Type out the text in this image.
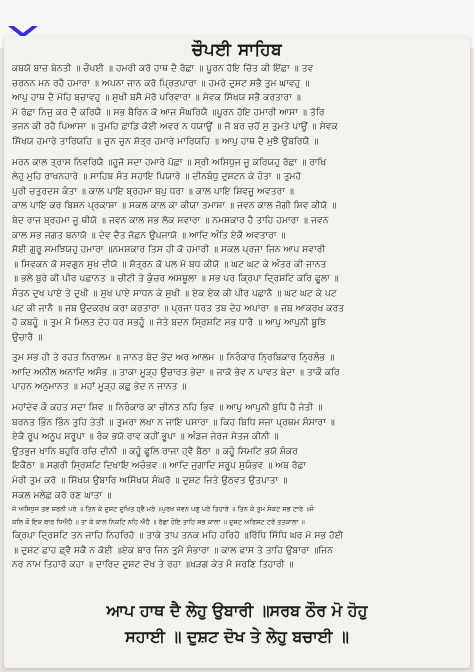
ਚੌਪਈ ਸਾਹਿਬ
ਕਬਯੋ ਬਾਚ ਬੇਨਤੀ ॥ ਚੌਪਈ ॥ ਹਮਰੀ ਕਰੋ ਹਾਥ ਦੈ ਰੱਛਾ ॥ ਪੂਰਨ ਹੋਇ ਚਿੱਤ ਕੀ ਇੱਛਾ ॥ ਤਵ
ਚਰਨਨ ਮਨ ਰਹੈ ਹਮਾਰਾ ॥ ਅਪਨਾ ਜਾਨ ਕਰੋ ਪ੍ਰਿਤਪਾਰਾ ॥ ਹਮਰੇ ਦੁਸਟ ਸਭੈ ਤੁਮ ਘਾਵਹੁ ॥
ਆਪੁ ਹਾਥ ਦੈ ਮੋਹਿ ਬਚਾਵਹੁ ॥ ਸੁਖੀ ਬਸੈ ਮੋਰੋ ਪਰਿਵਾਰਾ ॥ ਸੇਵਕ ਸਿੱਖਯ ਸਭੈ ਕਰਤਾਰਾ ॥
ਮੋ ਰੱਛਾ ਨਿਜੁ ਕਰ ਦੈ ਕਰਿਯੈ ॥ ਸਭ ਬੈਰਿਨ ਕੋ ਆਜ ਸੰਘਰਿਯੈ ॥ਪੂਰਨ ਹੋਇ ਹਮਾਰੀ ਆਸਾ ॥ ਤੋਰਿ
ਭਜਨ ਕੀ ਰਹੈ ਪਿਆਸਾ ॥ ਤੁਮਹਿ ਛਾਡਿ ਕੋਈ ਅਵਰ ਨ ਧਯਾਊਂ ॥ ਜੋ ਬਰ ਚਹੋਂ ਸੁ ਤੁਮਤੇ ਪਾਊਂ ॥ ਸੇਵਕ
ਸਿੱਖਯ ਹਮਾਰੇ ਤਾਰਿਯਹਿ ॥ ਚੁਨ ਚੁਨ ਸ਼ੱਤ੍ਰ ਹਮਾਰੇ ਮਾਰਿਯਹਿ ॥ ਆਪੁ ਹਾਥ ਦੈ ਮੁਝੈ ਉਬਰਿਯੈ ॥
ਮਰਨ ਕਾਲ ਤ੍ਰਾਸ ਨਿਵਰਿਯੈ ॥ਹੂਜੋ ਸਦਾ ਹਮਾਰੇ ਪੱਛਾ ॥ ਸ੍ਰੀ ਅਸਿਧੁਜ ਜੂ ਕਰਿਯਹੁ ਰੱਛਾ ॥ ਰਾਖਿ
ਲੇਹੁ ਮੁਹਿ ਰਾਖਨਹਾਰੇ ॥ ਸਾਹਿਬ ਸੰਤ ਸਹਾਇ ਪਿਯਾਰੇ ॥ ਦੀਨਬੰਧੁ ਦੁਸ਼ਟਨ ਕੇ ਹੰਤਾ ॥ ਤੁਮਹੋ
ਪੁਰੀ ਚਤੁਰਦਸ ਕੰਤਾ ॥ ਕਾਲ ਪਾਇ ਬ੍ਰਹਮਾ ਬਪੁ ਧਰਾ ॥ ਕਾਲ ਪਾਇ ਸ਼ਿਵਜੂ ਅਵਤਰਾ ॥
ਕਾਲ ਪਾਇ ਕਰ ਬਿਸ਼ਨ ਪ੍ਰਕਾਸ਼ਾ ॥ ਸਕਲ ਕਾਲ ਕਾ ਕੀਯਾ ਤਮਾਸ਼ਾ ॥ ਜਵਨ ਕਾਲ ਜੋਗੀ ਸ਼ਿਵ ਕੀਯੋ ॥
ਬੇਦ ਰਾਜ ਬ੍ਰਹਮਾ ਜੂ ਥੀਯੋ ॥ ਜਵਨ ਕਾਲ ਸਭ ਲੋਕ ਸਵਾਰਾ ॥ ਨਮਸ਼ਕਾਰ ਹੈ ਤਾਹਿ ਹਮਾਰਾ ॥ ਜਵਨ
ਕਾਲ ਸਭ ਜਗਤ ਬਨਾਯੋ ॥ ਦੇਵ ਦੈਤ ਜੱਛਨ ਉਪਜਾਯੋ ॥ ਆਦਿ ਅੰਤਿ ਏਕੈ ਅਵਤਾਰਾ ॥
ਸੋਈ ਗੁਰੂ ਸਮਝਿਯਹੁ ਹਮਾਰਾ ॥ਨਮਸ਼ਕਾਰ ਤਿਸ ਹੀ ਕੋ ਹਮਾਰੀ ॥ ਸਕਲ ਪ੍ਰਜਾ ਜਿਨ ਆਪ ਸਵਾਰੀ
॥ ਸਿਵਕਨ ਕੋ ਸਵਗੁਨ ਸੁਖ ਦੀਯੋ ॥ ਸ਼ੱਤ੍ਰਨ ਕੋ ਪਲ ਮੋ ਬਧ ਕੀਯੋ ॥ ਘਟ ਘਟ ਕੇ ਅੰਤਰ ਕੀ ਜਾਨਤ
॥ ਭਲੇ ਬੁਰੇ ਕੀ ਪੀਰ ਪਛਾਨਤ ॥ ਚੀਟੀ ਤੇ ਕੁੰਚਰ ਅਸਥੂਲਾ ॥ ਸਭ ਪਰ ਕ੍ਰਿਪਾ ਦ੍ਰਿਸ਼ਟਿ ਕਰਿ ਫੂਲਾ ॥
ਸੰਤਨ ਦੁਖ ਪਾਏ ਤੇ ਦੁਖੀ ॥ ਸੁਖ ਪਾਏ ਸਾਧਨ ਕੇ ਸੁਖੀ ॥ ਏਕ ਏਕ ਕੀ ਪੀਰ ਪਛਾਨੈ ॥ ਘਟ ਘਟ ਕੇ ਪਟ
ਪਟ ਕੀ ਜਾਨੈ ॥ ਜਬ ਉਦਕਰਖ ਕਰਾ ਕਰਤਾਰਾ ॥ ਪ੍ਰਜਾ ਧਰਤ ਤਬ ਦੇਹ ਅਪਾਰਾ ॥ ਜਬ ਆਕਰਖ ਕਰਤ
ਹੋ ਕਬਹੂੰ ॥ ਤੁਮ ਮੈ ਮਿਲਤ ਦੇਹ ਧਰ ਸਭਹੂੰ ॥ ਜੇਤੇ ਬਦਨ ਸ੍ਰਿਸ਼ਟਿ ਸਭ ਧਾਰੈ ॥ ਆਪੁ ਆਪੁਨੀ ਬੂਝਿ
ਉਚਾਰੈ ॥
ਤੁਮ ਸਭ ਹੀ ਤੇ ਰਹਤ ਨਿਰਾਲਮ ॥ ਜਾਨਤ ਬੇਦ ਭੇਦ ਅਰ ਆਲਮ ॥ ਨਿਰੰਕਾਰ ਨ੍ਰਿਬਿਕਾਰ ਨ੍ਰਿਲੰਭ ॥
ਆਦਿ ਅਨੀਲ ਅਨਾਦਿ ਅਸੰਭ ॥ ਤਾਕਾ ਮੂੜ੍ਹ ਉਚਾਰਤ ਭੇਦਾ ॥ ਜਾਕੋ ਭੇਵ ਨ ਪਾਵਤ ਬੇਦਾ ॥ ਤਾਕੌ ਕਰਿ
ਪਾਹਨ ਅਨੁਮਾਨਤ ॥ ਮਹਾਂ ਮੂੜ੍ਹ ਕਛੁ ਭੇਦ ਨ ਜਾਨਤ ॥
ਮਹਾਂਦੇਵ ਕੌ ਕਹਤ ਸਦਾ ਸ਼ਿਵ ॥ ਨਿਰੰਕਾਰ ਕਾ ਚੀਨਤ ਨਹਿ ਭਿਵ ॥ ਆਪੁ ਆਪੁਨੀ ਬੁਧਿ ਹੈ ਜੇਤੀ ॥
ਬਰਨਤ ਭਿੰਨ ਭਿੰਨ ਤੁਹਿ ਤੇਤੀ ॥ ਤੁਮਰਾ ਲਖਾ ਨ ਜਾਇ ਪਸਾਰਾ ॥ ਕਿਹ ਬਿਧਿ ਸਜਾ ਪ੍ਰਥਮ ਸੰਸਾਰਾ ॥
ਏਕੈ ਰੂਪ ਅਨੂਪ ਸਰੂਪਾ ॥ ਰੰਕ ਭਯੋ ਰਾਵ ਕਹੀਂ ਭੂਪਾ ॥ ਅੰਡਜ ਜੇਰਜ ਸੇਤਜ ਕੀਨੀ ॥
ਉਤਭੁਜ ਖਾਨਿ ਬਹੁਰਿ ਰਚਿ ਦੀਨੀ ॥ ਕਹੂੰ ਫੂਲਿ ਰਾਜਾ ਹ੍ਵੈ ਬੈਠਾ ॥ ਕਹੂੰ ਸਿਮਟਿ ਭਯੋ ਸ਼ੰਕਰ
ਇਕੈਠਾ ॥ ਸਗਰੀ ਸ੍ਰਿਸ਼ਟਿ ਦਿਖਾਇ ਅਚੰਭਵ ॥ ਆਦਿ ਜੁਗਾਦਿ ਸਰੂਪ ਸੁਯੰਭਵ ॥ ਅਬ ਰੱਛਾ
ਮੇਰੀ ਤੁਮ ਕਰੋ ॥ ਸਿੱਖਯ ਉਬਾਰਿ ਅਸਿੱਖਯ ਸੰਘਰੋ ॥ ਦੁਸ਼ਟ ਜਿਤੇ ਉਠਵਤ ਉਤਪਾਤਾ ॥
ਸਕਲ ਮਲੇਛ ਕਰੋ ਰਣ ਘਾਤਾ ॥
ਜੇ ਅਸਿਧੁਜ ਤਵ ਸ਼ਰਨੀ ਪਰੇ ॥ ਤਿਨ ਕੇ ਦੁਸ਼ਟ ਦੁਖਿਤ ਹ੍ਵੈ ਮਰੇ ॥ਪੁਰਖ ਜਵਨ ਪਗੁ ਪਰੇ ਤਿਹਾਰੇ ॥ ਤਿਨ ਕੇ ਤੁਮ ਸੰਕਟ ਸਭ ਟਾਰੇ ॥ਜੋ
ਕਲਿ ਕੋ ਇਕ ਬਾਰ ਧਿਐਹੈ ॥ ਤਾ ਕੇ ਕਾਲ ਨਿਕਟਿ ਨਹਿ ਐਹੈ ॥ ਰੱਛਾ ਹੋਇ ਤਾਹਿ ਸਭ ਕਾਲਾ ॥ ਦੁਸ਼ਟ ਅਰਿਸ਼ਟ ਟਰੇਂ ਤਤਕਾਲਾ ॥
ਕ੍ਰਿਪਾ ਦ੍ਰਿਸ਼ਟਿ ਤਨ ਜਾਹਿ ਨਿਹਰਿਹੋ ॥ ਤਾਕੇ ਤਾਪ ਤਨਕ ਮਹਿ ਹਰਿਹੋ ॥ਰਿੱਧਿ ਸਿੱਧਿ ਘਰ ਮੋ ਸਭ ਹੋਈ
॥ ਦੁਸ਼ਟ ਛਾਹ ਛ੍ਵੈ ਸਕੈ ਨ ਕੋਈ ॥ਏਕ ਬਾਰ ਜਿਨ ਤੁਮੈ ਸੰਭਾਰਾ ॥ ਕਾਲ ਫਾਸ ਤੇ ਤਾਹਿ ਉਬਾਰਾ ॥ਜਿਨ
ਨਰ ਨਾਮ ਤਿਹਾਰੋ ਕਹਾ ॥ ਦਾਰਿਦ ਦੁਸ਼ਟ ਦੋਖ ਤੇ ਰਹਾ ॥ਖੜਗ ਕੇਤ ਮੈ ਸ਼ਰਣਿ ਤਿਹਾਰੀ ॥
ਆਪ ਹਾਥ ਦੈ ਲੇਹੁ ਉਬਾਰੀ ॥ਸਰਬ ਠੌਰ ਮੋ ਹੋਹੁ
ਸਹਾਈ ॥ ਦੁਸ਼ਟ ਦੋਖ ਤੇ ਲੇਹੁ ਬਚਾਈ ॥
